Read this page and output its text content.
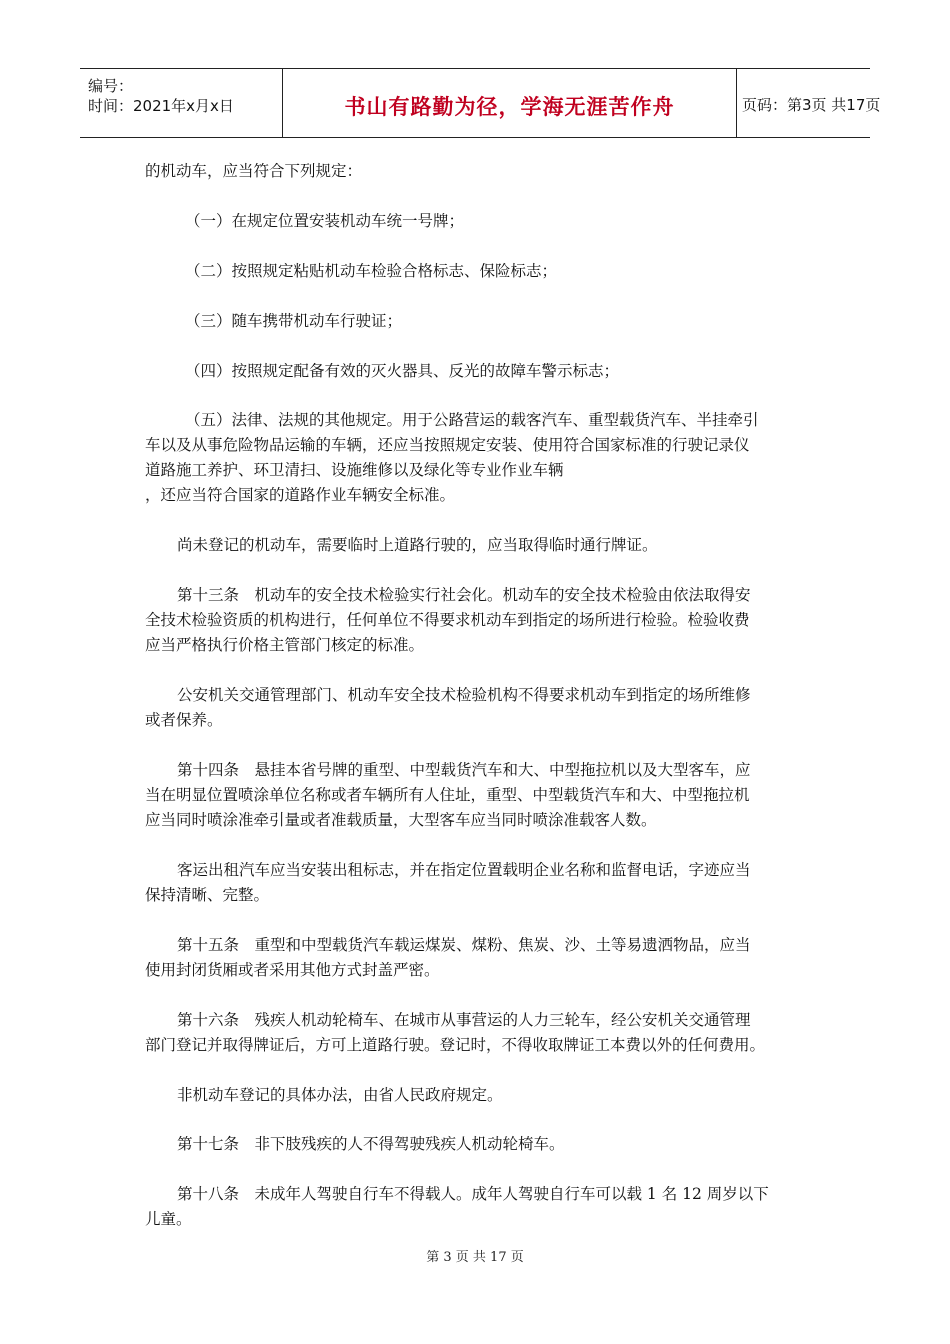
编号：
时间：2021年x月x日	书山有路勤为径，学海无涯苦作舟	页码：第3页 共17页
的机动车，应当符合下列规定：
（一）在规定位置安装机动车统一号牌；
（二）按照规定粘贴机动车检验合格标志、保险标志；
（三）随车携带机动车行驶证；
（四）按照规定配备有效的灭火器具、反光的故障车警示标志；
（五）法律、法规的其他规定。用于公路营运的载客汽车、重型载货汽车、半挂牵引
车以及从事危险物品运输的车辆，还应当按照规定安装、使用符合国家标准的行驶记录仪
道路施工养护、环卫清扫、设施维修以及绿化等专业作业车辆
，还应当符合国家的道路作业车辆安全标准。
尚未登记的机动车，需要临时上道路行驶的，应当取得临时通行牌证。
第十三条　机动车的安全技术检验实行社会化。机动车的安全技术检验由依法取得安
全技术检验资质的机构进行，任何单位不得要求机动车到指定的场所进行检验。检验收费
应当严格执行价格主管部门核定的标准。
公安机关交通管理部门、机动车安全技术检验机构不得要求机动车到指定的场所维修
或者保养。
第十四条　悬挂本省号牌的重型、中型载货汽车和大、中型拖拉机以及大型客车，应
当在明显位置喷涂单位名称或者车辆所有人住址，重型、中型载货汽车和大、中型拖拉机
应当同时喷涂准牵引量或者准载质量，大型客车应当同时喷涂准载客人数。
客运出租汽车应当安装出租标志，并在指定位置载明企业名称和监督电话，字迹应当
保持清晰、完整。
第十五条　重型和中型载货汽车载运煤炭、煤粉、焦炭、沙、土等易遗洒物品，应当
使用封闭货厢或者采用其他方式封盖严密。
第十六条　残疾人机动轮椅车、在城市从事营运的人力三轮车，经公安机关交通管理
部门登记并取得牌证后，方可上道路行驶。登记时，不得收取牌证工本费以外的任何费用。
非机动车登记的具体办法，由省人民政府规定。
第十七条　非下肢残疾的人不得驾驶残疾人机动轮椅车。
第十八条　未成年人驾驶自行车不得载人。成年人驾驶自行车可以载 1 名 12 周岁以下
儿童。
第 3 页 共 17 页
